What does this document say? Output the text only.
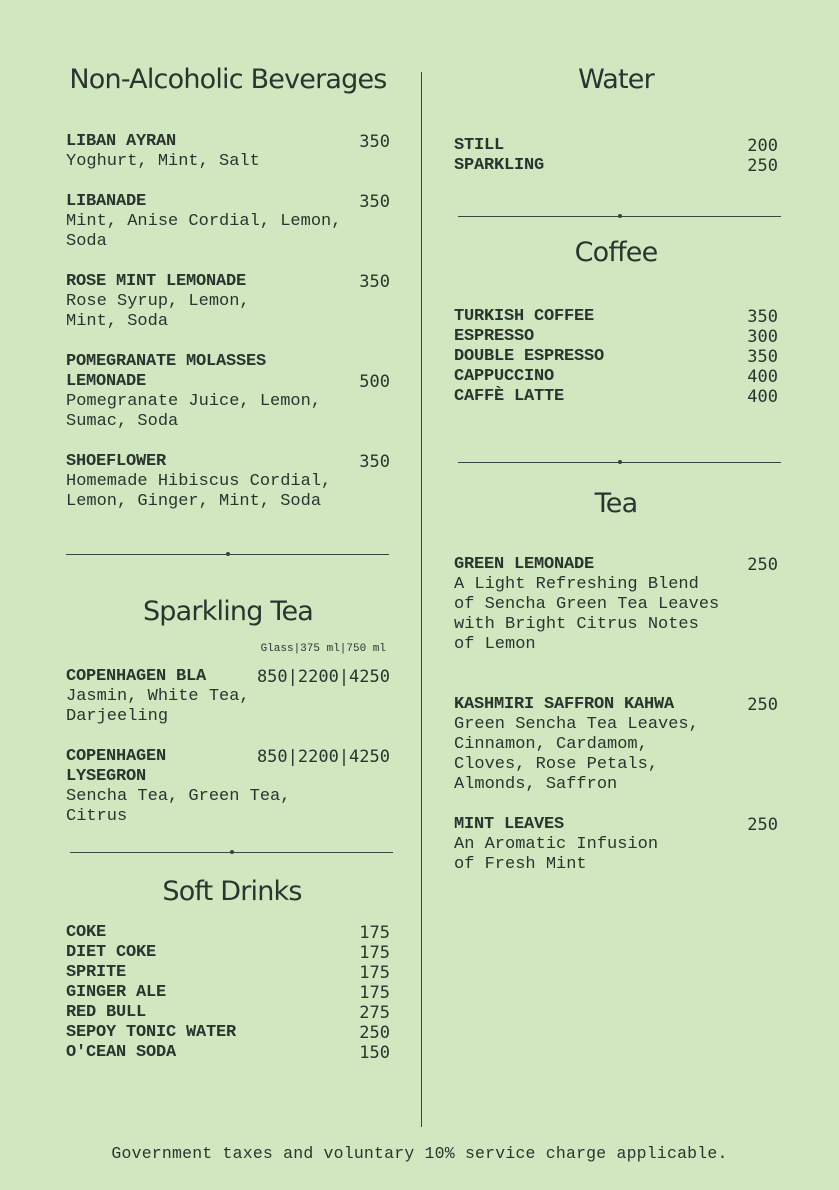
Non-Alcoholic Beverages
LIBAN AYRAN	350
Yoghurt, Mint, Salt
LIBANADE	350
Mint, Anise Cordial, Lemon,
Soda
ROSE MINT LEMONADE	350
Rose Syrup, Lemon,
Mint, Soda
POMEGRANATE MOLASSES
LEMONADE	500
Pomegranate Juice, Lemon,
Sumac, Soda
SHOEFLOWER	350
Homemade Hibiscus Cordial,
Lemon, Ginger, Mint, Soda
Sparkling Tea
Glass|375 ml|750 ml
COPENHAGEN BLA	850|2200|4250
Jasmin, White Tea,
Darjeeling
COPENHAGEN	850|2200|4250
LYSEGRON
Sencha Tea, Green Tea,
Citrus
Soft Drinks
COKE	175
DIET COKE	175
SPRITE	175
GINGER ALE	175
RED BULL	275
SEPOY TONIC WATER	250
O'CEAN SODA	150
Water
STILL	200
SPARKLING	250
Coffee
TURKISH COFFEE	350
ESPRESSO	300
DOUBLE ESPRESSO	350
CAPPUCCINO	400
CAFFÈ LATTE	400
Tea
GREEN LEMONADE	250
A Light Refreshing Blend
of Sencha Green Tea Leaves
with Bright Citrus Notes
of Lemon
KASHMIRI SAFFRON KAHWA	250
Green Sencha Tea Leaves,
Cinnamon, Cardamom,
Cloves, Rose Petals,
Almonds, Saffron
MINT LEAVES	250
An Aromatic Infusion
of Fresh Mint
Government taxes and voluntary 10% service charge applicable.
